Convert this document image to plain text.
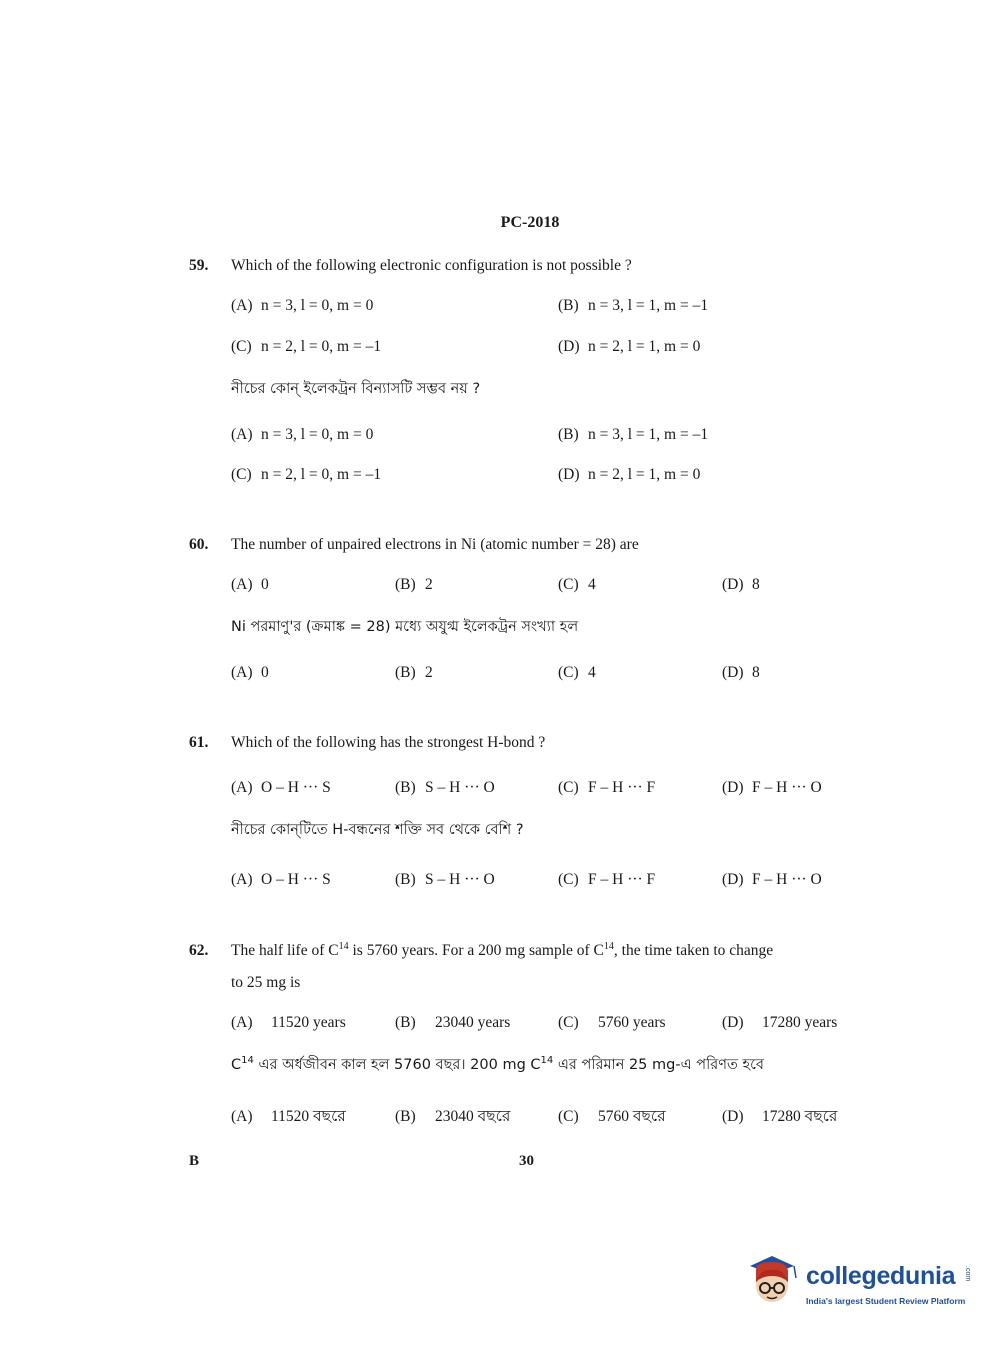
PC-2018
59. Which of the following electronic configuration is not possible ?
(A) n = 3, l = 0, m = 0	(B) n = 3, l = 1, m = –1
(C) n = 2, l = 0, m = –1	(D) n = 2, l = 1, m = 0
নীচের কোন্ ইলেকট্রন বিন্যাসটি সম্ভব নয় ?
(A) n = 3, l = 0, m = 0	(B) n = 3, l = 1, m = –1
(C) n = 2, l = 0, m = –1	(D) n = 2, l = 1, m = 0
60. The number of unpaired electrons in Ni (atomic number = 28) are
(A) 0	(B) 2	(C) 4	(D) 8
Ni পরমাণু'র (ক্রমাঙ্ক = 28) মধ্যে অযুগ্ম ইলেকট্রন সংখ্যা হল
(A) 0	(B) 2	(C) 4	(D) 8
61. Which of the following has the strongest H-bond ?
(A) O – H ··· S	(B) S – H ··· O	(C) F – H ··· F	(D) F – H ··· O
নীচের কোন্‌টিতে H-বন্ধনের শক্তি সব থেকে বেশি ?
(A) O – H ··· S	(B) S – H ··· O	(C) F – H ··· F	(D) F – H ··· O
62. The half life of $C^{14}$ is 5760 years. For a 200 mg sample of $C^{14}$, the time taken to change
to 25 mg is
(A) 11520 years	(B) 23040 years	(C) 5760 years	(D) 17280 years
$C^{14}$ এর অর্ধজীবন কাল হল 5760 বছর। 200 mg $C^{14}$ এর পরিমান 25 mg-এ পরিণত হবে
(A) 11520 বছরে	(B) 23040 বছরে	(C) 5760 বছরে	(D) 17280 বছরে
B	30
collegedunia .com
India's largest Student Review Platform
